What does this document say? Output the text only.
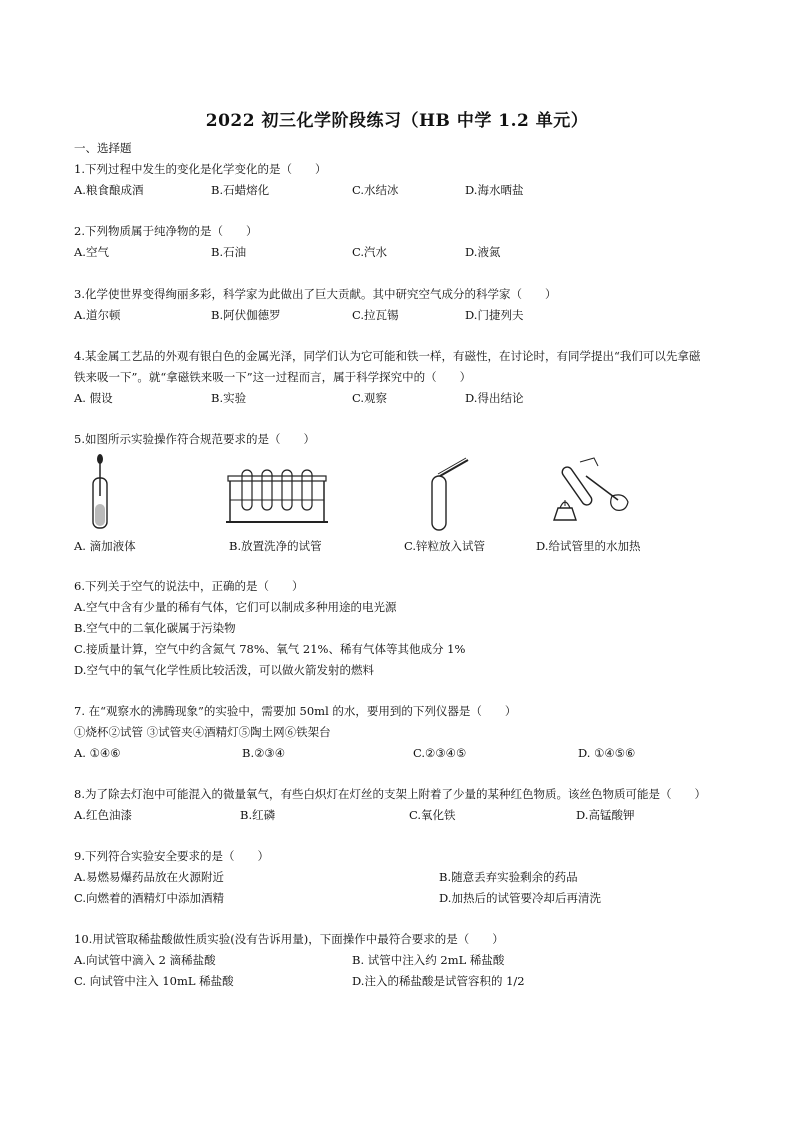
2022 初三化学阶段练习（HB 中学 1.2 单元）
一、选择题
1.下列过程中发生的变化是化学变化的是（　　）
A.粮食酿成酒	B.石蜡熔化	C.水结冰	D.海水晒盐
2.下列物质属于纯净物的是（　　）
A.空气	B.石油	C.汽水	D.液氮
3.化学使世界变得绚丽多彩，科学家为此做出了巨大贡献。其中研究空气成分的科学家（　　）
A.道尔顿	B.阿伏伽德罗	C.拉瓦锡	D.门捷列夫
4.某金属工艺品的外观有银白色的金属光泽，同学们认为它可能和铁一样，有磁性，在讨论时，有同学提出“我们可以先拿磁
铁来吸一下”。就“拿磁铁来吸一下”这一过程而言，属于科学探究中的（　　）
A. 假设	B.实验	C.观察	D.得出结论
5.如图所示实验操作符合规范要求的是（　　）
A. 滴加液体	B.放置洗净的试管	C.锌粒放入试管	D.给试管里的水加热
6.下列关于空气的说法中，正确的是（　　）
A.空气中含有少量的稀有气体，它们可以制成多种用途的电光源
B.空气中的二氧化碳属于污染物
C.接质量计算，空气中约含氮气 78%、氧气 21%、稀有气体等其他成分 1%
D.空气中的氧气化学性质比较活泼，可以做火箭发射的燃料
7. 在“观察水的沸腾现象”的实验中，需要加 50ml 的水，要用到的下列仪器是（　　）
①烧杯②试管 ③试管夹④酒精灯⑤陶土网⑥铁架台
A. ①④⑥	B.②③④	C.②③④⑤	D. ①④⑤⑥
8.为了除去灯泡中可能混入的微量氧气，有些白炽灯在灯丝的支架上附着了少量的某种红色物质。该丝色物质可能是（　　）
A.红色油漆	B.红磷	C.氧化铁	D.高锰酸钾
9.下列符合实验安全要求的是（　　）
A.易燃易爆药品放在火源附近	B.随意丢弃实验剩余的药品
C.向燃着的酒精灯中添加酒精	D.加热后的试管要冷却后再清洗
10.用试管取稀盐酸做性质实验(没有告诉用量)，下面操作中最符合要求的是（　　）
A.向试管中滴入 2 滴稀盐酸	B. 试管中注入约 2mL 稀盐酸
C. 向试管中注入 10mL 稀盐酸	D.注入的稀盐酸是试管容积的 1/2
